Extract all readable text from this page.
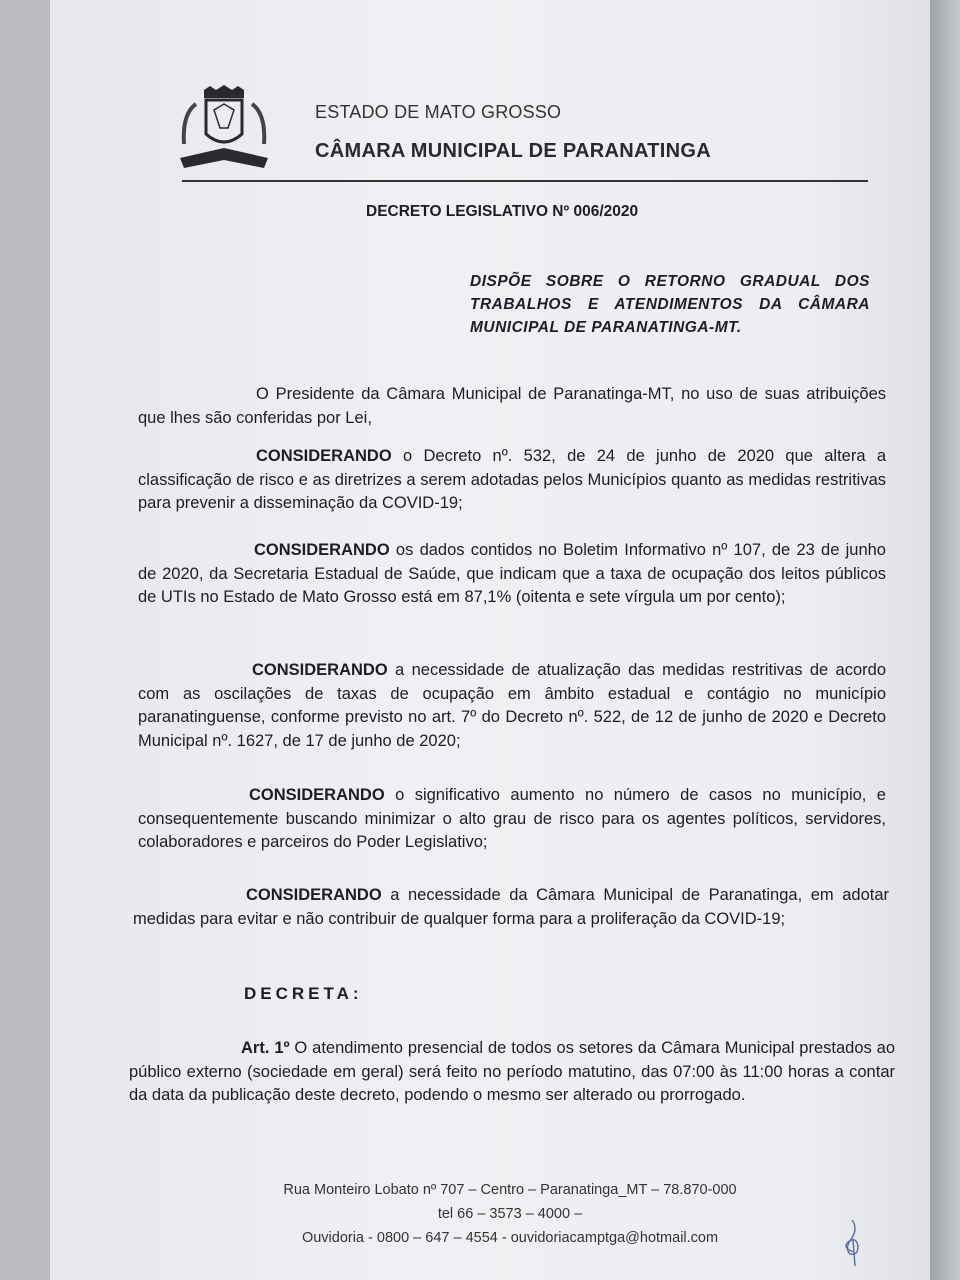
ESTADO DE MATO GROSSO
CÂMARA MUNICIPAL DE PARANATINGA
DECRETO LEGISLATIVO Nº 006/2020
DISPÕE SOBRE O RETORNO GRADUAL DOS TRABALHOS E ATENDIMENTOS DA CÂMARA MUNICIPAL DE PARANATINGA-MT.
O Presidente da Câmara Municipal de Paranatinga-MT, no uso de suas atribuições que lhes são conferidas por Lei,
CONSIDERANDO o Decreto nº. 532, de 24 de junho de 2020 que altera a classificação de risco e as diretrizes a serem adotadas pelos Municípios quanto as medidas restritivas para prevenir a disseminação da COVID-19;
CONSIDERANDO os dados contidos no Boletim Informativo nº 107, de 23 de junho de 2020, da Secretaria Estadual de Saúde, que indicam que a taxa de ocupação dos leitos públicos de UTIs no Estado de Mato Grosso está em 87,1% (oitenta e sete vírgula um por cento);
CONSIDERANDO a necessidade de atualização das medidas restritivas de acordo com as oscilações de taxas de ocupação em âmbito estadual e contágio no município paranatinguense, conforme previsto no art. 7º do Decreto nº. 522, de 12 de junho de 2020 e Decreto Municipal nº. 1627, de 17 de junho de 2020;
CONSIDERANDO o significativo aumento no número de casos no município, e consequentemente buscando minimizar o alto grau de risco para os agentes políticos, servidores, colaboradores e parceiros do Poder Legislativo;
CONSIDERANDO a necessidade da Câmara Municipal de Paranatinga, em adotar medidas para evitar e não contribuir de qualquer forma para a proliferação da COVID-19;
DECRETA:
Art. 1º O atendimento presencial de todos os setores da Câmara Municipal prestados ao público externo (sociedade em geral) será feito no período matutino, das 07:00 às 11:00 horas a contar da data da publicação deste decreto, podendo o mesmo ser alterado ou prorrogado.
Rua Monteiro Lobato nº 707 – Centro – Paranatinga_MT – 78.870-000
tel 66 – 3573 – 4000 –
Ouvidoria - 0800 – 647 – 4554 - ouvidoriacamptga@hotmail.com
